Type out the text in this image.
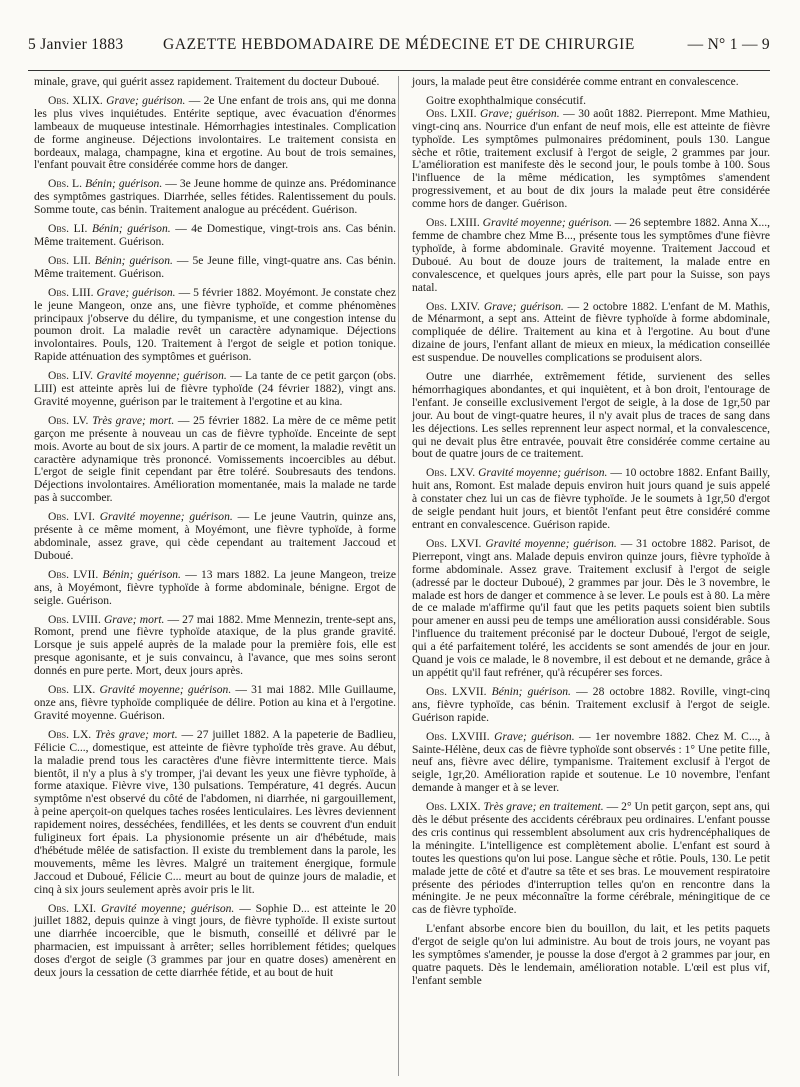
5 Janvier 1883	GAZETTE HEBDOMADAIRE DE MÉDECINE ET DE CHIRURGIE	— N° 1 — 9

minale, grave, qui guérit assez rapidement. Traitement du docteur Duboué.

Obs. XLIX. Grave; guérison. — 2e Une enfant de trois ans, qui me donna les plus vives inquiétudes. Entérite septique, avec évacuation d'énormes lambeaux de muqueuse intestinale. Hémorrhagies intestinales. Complication de forme angineuse. Déjections involontaires. Le traitement consista en bordeaux, malaga, champagne, kina et ergotine. Au bout de trois semaines, l'enfant pouvait être considérée comme hors de danger.

Obs. L. Bénin; guérison. — 3e Jeune homme de quinze ans. Prédominance des symptômes gastriques. Diarrhée, selles fétides. Ralentissement du pouls. Somme toute, cas bénin. Traitement analogue au précédent. Guérison.

Obs. LI. Bénin; guérison. — 4e Domestique, vingt-trois ans. Cas bénin. Même traitement. Guérison.

Obs. LII. Bénin; guérison. — 5e Jeune fille, vingt-quatre ans. Cas bénin. Même traitement. Guérison.

Obs. LIII. Grave; guérison. — 5 février 1882. Moyémont. Je constate chez le jeune Mangeon, onze ans, une fièvre typhoïde, et comme phénomènes principaux j'observe du délire, du tympanisme, et une congestion intense du poumon droit. La maladie revêt un caractère adynamique. Déjections involontaires. Pouls, 120. Traitement à l'ergot de seigle et potion tonique. Rapide atténuation des symptômes et guérison.

Obs. LIV. Gravité moyenne; guérison. — La tante de ce petit garçon (obs. LIII) est atteinte après lui de fièvre typhoïde (24 février 1882), vingt ans. Gravité moyenne, guérison par le traitement à l'ergotine et au kina.

Obs. LV. Très grave; mort. — 25 février 1882. La mère de ce même petit garçon me présente à nouveau un cas de fièvre typhoïde. Enceinte de sept mois. Avorte au bout de six jours. A partir de ce moment, la maladie revêtit un caractère adynamique très prononcé. Vomissements incoercibles au début. L'ergot de seigle finit cependant par être toléré. Soubresauts des tendons. Déjections involontaires. Amélioration momentanée, mais la malade ne tarde pas à succomber.

Obs. LVI. Gravité moyenne; guérison. — Le jeune Vautrin, quinze ans, présente à ce même moment, à Moyémont, une fièvre typhoïde, à forme abdominale, assez grave, qui cède cependant au traitement Jaccoud et Duboué.

Obs. LVII. Bénin; guérison. — 13 mars 1882. La jeune Mangeon, treize ans, à Moyémont, fièvre typhoïde à forme abdominale, bénigne. Ergot de seigle. Guérison.

Obs. LVIII. Grave; mort. — 27 mai 1882. Mme Mennezin, trente-sept ans, Romont, prend une fièvre typhoïde ataxique, de la plus grande gravité. Lorsque je suis appelé auprès de la malade pour la première fois, elle est presque agonisante, et je suis convaincu, à l'avance, que mes soins seront donnés en pure perte. Mort, deux jours après.

Obs. LIX. Gravité moyenne; guérison. — 31 mai 1882. Mlle Guillaume, onze ans, fièvre typhoïde compliquée de délire. Potion au kina et à l'ergotine. Gravité moyenne. Guérison.

Obs. LX. Très grave; mort. — 27 juillet 1882. A la papeterie de Badlieu, Félicie C..., domestique, est atteinte de fièvre typhoïde très grave. Au début, la maladie prend tous les caractères d'une fièvre intermittente tierce. Mais bientôt, il n'y a plus à s'y tromper, j'ai devant les yeux une fièvre typhoïde, à forme ataxique. Fièvre vive, 130 pulsations. Température, 41 degrés. Aucun symptôme n'est observé du côté de l'abdomen, ni diarrhée, ni gargouillement, à peine aperçoit-on quelques taches rosées lenticulaires. Les lèvres deviennent rapidement noires, desséchées, fendillées, et les dents se couvrent d'un enduit fuligineux fort épais. La physionomie présente un air d'hébétude, mais d'hébétude mêlée de satisfaction. Il existe du tremblement dans la parole, les mouvements, même les lèvres. Malgré un traitement énergique, formule Jaccoud et Duboué, Félicie C... meurt au bout de quinze jours de maladie, et cinq à six jours seulement après avoir pris le lit.

Obs. LXI. Gravité moyenne; guérison. — Sophie D... est atteinte le 20 juillet 1882, depuis quinze à vingt jours, de fièvre typhoïde. Il existe surtout une diarrhée incoercible, que le bismuth, conseillé et délivré par le pharmacien, est impuissant à arrêter; selles horriblement fétides; quelques doses d'ergot de seigle (3 grammes par jour en quatre doses) amenèrent en deux jours la cessation de cette diarrhée fétide, et au bout de huit

jours, la malade peut être considérée comme entrant en convalescence.

Goitre exophthalmique consécutif.

Obs. LXII. Grave; guérison. — 30 août 1882. Pierrepont. Mme Mathieu, vingt-cinq ans. Nourrice d'un enfant de neuf mois, elle est atteinte de fièvre typhoïde. Les symptômes pulmonaires prédominent, pouls 130. Langue sèche et rôtie, traitement exclusif à l'ergot de seigle, 2 grammes par jour. L'amélioration est manifeste dès le second jour, le pouls tombe à 100. Sous l'influence de la même médication, les symptômes s'amendent progressivement, et au bout de dix jours la malade peut être considérée comme hors de danger. Guérison.

Obs. LXIII. Gravité moyenne; guérison. — 26 septembre 1882. Anna X..., femme de chambre chez Mme B..., présente tous les symptômes d'une fièvre typhoïde, à forme abdominale. Gravité moyenne. Traitement Jaccoud et Duboué. Au bout de douze jours de traitement, la malade entre en convalescence, et quelques jours après, elle part pour la Suisse, son pays natal.

Obs. LXIV. Grave; guérison. — 2 octobre 1882. L'enfant de M. Mathis, de Ménarmont, a sept ans. Atteint de fièvre typhoïde à forme abdominale, compliquée de délire. Traitement au kina et à l'ergotine. Au bout d'une dizaine de jours, l'enfant allant de mieux en mieux, la médication conseillée est suspendue. De nouvelles complications se produisent alors.

Outre une diarrhée, extrêmement fétide, survienent des selles hémorrhagiques abondantes, et qui inquiètent, et à bon droit, l'entourage de l'enfant. Je conseille exclusivement l'ergot de seigle, à la dose de 1gr,50 par jour. Au bout de vingt-quatre heures, il n'y avait plus de traces de sang dans les déjections. Les selles reprennent leur aspect normal, et la convalescence, qui ne devait plus être entravée, pouvait être considérée comme certaine au bout de quatre jours de ce traitement.

Obs. LXV. Gravité moyenne; guérison. — 10 octobre 1882. Enfant Bailly, huit ans, Romont. Est malade depuis environ huit jours quand je suis appelé à constater chez lui un cas de fièvre typhoïde. Je le soumets à 1gr,50 d'ergot de seigle pendant huit jours, et bientôt l'enfant peut être considéré comme entrant en convalescence. Guérison rapide.

Obs. LXVI. Gravité moyenne; guérison. — 31 octobre 1882. Parisot, de Pierrepont, vingt ans. Malade depuis environ quinze jours, fièvre typhoïde à forme abdominale. Assez grave. Traitement exclusif à l'ergot de seigle (adressé par le docteur Duboué), 2 grammes par jour. Dès le 3 novembre, le malade est hors de danger et commence à se lever. Le pouls est à 80. La mère de ce malade m'affirme qu'il faut que les petits paquets soient bien subtils pour amener en aussi peu de temps une amélioration aussi considérable. Sous l'influence du traitement préconisé par le docteur Duboué, l'ergot de seigle, qui a été parfaitement toléré, les accidents se sont amendés de jour en jour. Quand je vois ce malade, le 8 novembre, il est debout et ne demande, grâce à un appétit qu'il faut refréner, qu'à récupérer ses forces.

Obs. LXVII. Bénin; guérison. — 28 octobre 1882. Roville, vingt-cinq ans, fièvre typhoïde, cas bénin. Traitement exclusif à l'ergot de seigle. Guérison rapide.

Obs. LXVIII. Grave; guérison. — 1er novembre 1882. Chez M. C..., à Sainte-Hélène, deux cas de fièvre typhoïde sont observés : 1° Une petite fille, neuf ans, fièvre avec délire, tympanisme. Traitement exclusif à l'ergot de seigle, 1gr,20. Amélioration rapide et soutenue. Le 10 novembre, l'enfant demande à manger et à se lever.

Obs. LXIX. Très grave; en traitement. — 2° Un petit garçon, sept ans, qui dès le début présente des accidents cérébraux peu ordinaires. L'enfant pousse des cris continus qui ressemblent absolument aux cris hydrencéphaliques de la méningite. L'intelligence est complètement abolie. L'enfant est sourd à toutes les questions qu'on lui pose. Langue sèche et rôtie. Pouls, 130. Le petit malade jette de côté et d'autre sa tête et ses bras. Le mouvement respiratoire présente des périodes d'interruption telles qu'on en rencontre dans la méningite. Je ne peux méconnaître la forme cérébrale, méningitique de ce cas de fièvre typhoïde.

L'enfant absorbe encore bien du bouillon, du lait, et les petits paquets d'ergot de seigle qu'on lui administre. Au bout de trois jours, ne voyant pas les symptômes s'amender, je pousse la dose d'ergot à 2 grammes par jour, en quatre paquets. Dès le lendemain, amélioration notable. L'œil est plus vif, l'enfant semble
